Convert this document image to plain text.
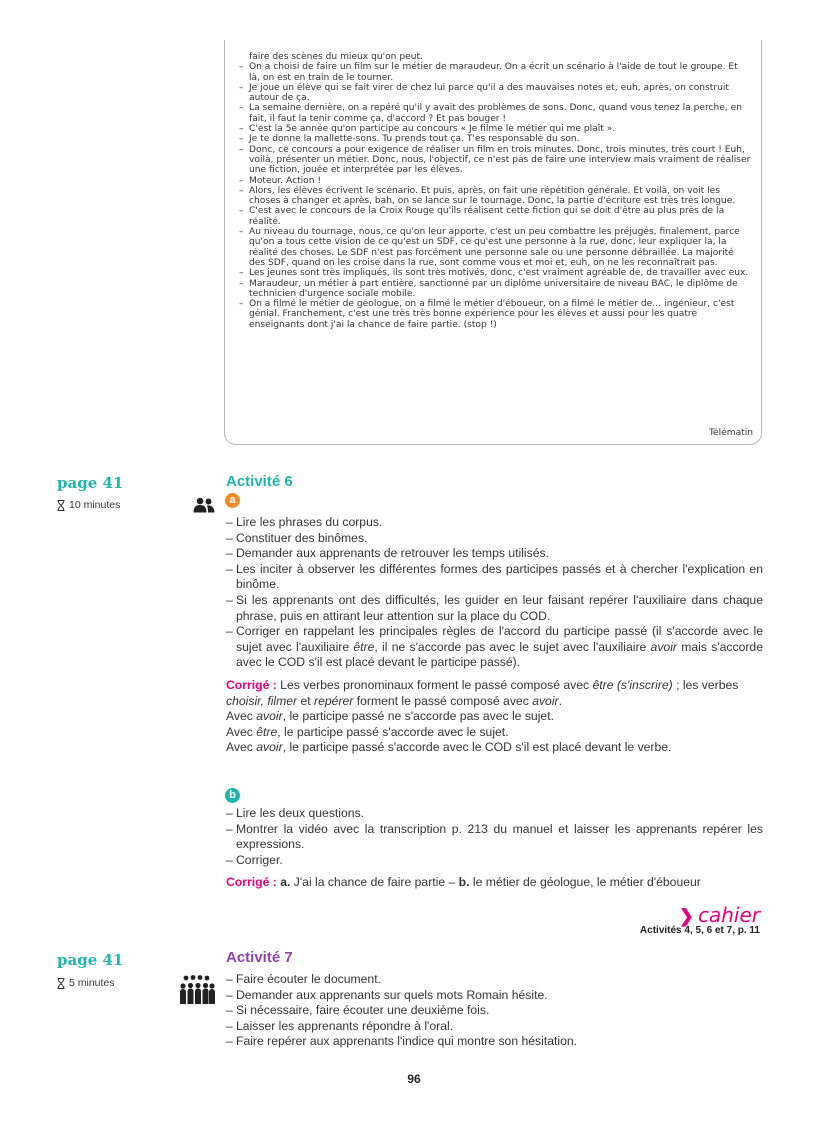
faire des scènes du mieux qu'on peut.
– On a choisi de faire un film sur le métier de maraudeur. On a écrit un scénario à l'aide de tout le groupe. Et là, on est en train de le tourner.
– Je joue un élève qui se fait virer de chez lui parce qu'il a des mauvaises notes et, euh, après, on construit autour de ça.
– La semaine dernière, on a repéré qu'il y avait des problèmes de sons. Donc, quand vous tenez la perche, en fait, il faut la tenir comme ça, d'accord ? Et pas bouger !
– C'est la 5e année qu'on participe au concours « Je filme le métier qui me plaît ».
– Je te donne la mallette-sons. Tu prends tout ça. T'es responsable du son.
– Donc, ce concours a pour exigence de réaliser un film en trois minutes. Donc, trois minutes, très court ! Euh, voilà, présenter un métier. Donc, nous, l'objectif, ce n'est pas de faire une interview mais vraiment de réaliser une fiction, jouée et interprétée par les élèves.
– Moteur. Action !
– Alors, les élèves écrivent le scénario. Et puis, après, on fait une répétition générale. Et voilà, on voit les choses à changer et après, bah, on se lance sur le tournage. Donc, la partie d'écriture est très très longue.
– C'est avec le concours de la Croix Rouge qu'ils réalisent cette fiction qui se doit d'être au plus près de la réalité.
– Au niveau du tournage, nous, ce qu'on leur apporte, c'est un peu combattre les préjugés, finalement, parce qu'on a tous cette vision de ce qu'est un SDF, ce qu'est une personne à la rue, donc, leur expliquer la, la réalité des choses. Le SDF n'est pas forcément une personne sale ou une personne débraillée. La majorité des SDF, quand on les croise dans la rue, sont comme vous et moi et, euh, on ne les reconnaîtrait pas.
– Les jeunes sont très impliqués, ils sont très motivés, donc, c'est vraiment agréable de, de travailler avec eux.
– Maraudeur, un métier à part entière, sanctionné par un diplôme universitaire de niveau BAC, le diplôme de technicien d'urgence sociale mobile.
– On a filmé le métier de géologue, on a filmé le métier d'éboueur, on a filmé le métier de… ingénieur, c'est génial. Franchement, c'est une très très bonne expérience pour les élèves et aussi pour les quatre enseignants dont j'ai la chance de faire partie. (stop !)
Télématin
page 41
10 minutes
Activité 6
a
– Lire les phrases du corpus.
– Constituer des binômes.
– Demander aux apprenants de retrouver les temps utilisés.
– Les inciter à observer les différentes formes des participes passés et à chercher l'explication en binôme.
– Si les apprenants ont des difficultés, les guider en leur faisant repérer l'auxiliaire dans chaque phrase, puis en attirant leur attention sur la place du COD.
– Corriger en rappelant les principales règles de l'accord du participe passé (il s'accorde avec le sujet avec l'auxiliaire être, il ne s'accorde pas avec le sujet avec l'auxiliaire avoir mais s'accorde avec le COD s'il est placé devant le participe passé).

Corrigé : Les verbes pronominaux forment le passé composé avec être (s'inscrire) ; les verbes choisir, filmer et repérer forment le passé composé avec avoir.

Avec avoir, le participe passé ne s'accorde pas avec le sujet.

Avec être, le participe passé s'accorde avec le sujet.

Avec avoir, le participe passé s'accorde avec le COD s'il est placé devant le verbe.

b
– Lire les deux questions.
– Montrer la vidéo avec la transcription p. 213 du manuel et laisser les apprenants repérer les expressions.
– Corriger.

Corrigé : a. J'ai la chance de faire partie – b. le métier de géologue, le métier d'éboueur

❯ cahier
Activités 4, 5, 6 et 7, p. 11
page 41
5 minutes
Activité 7
– Faire écouter le document.
– Demander aux apprenants sur quels mots Romain hésite.
– Si nécessaire, faire écouter une deuxième fois.
– Laisser les apprenants répondre à l'oral.
– Faire repérer aux apprenants l'indice qui montre son hésitation.
96
